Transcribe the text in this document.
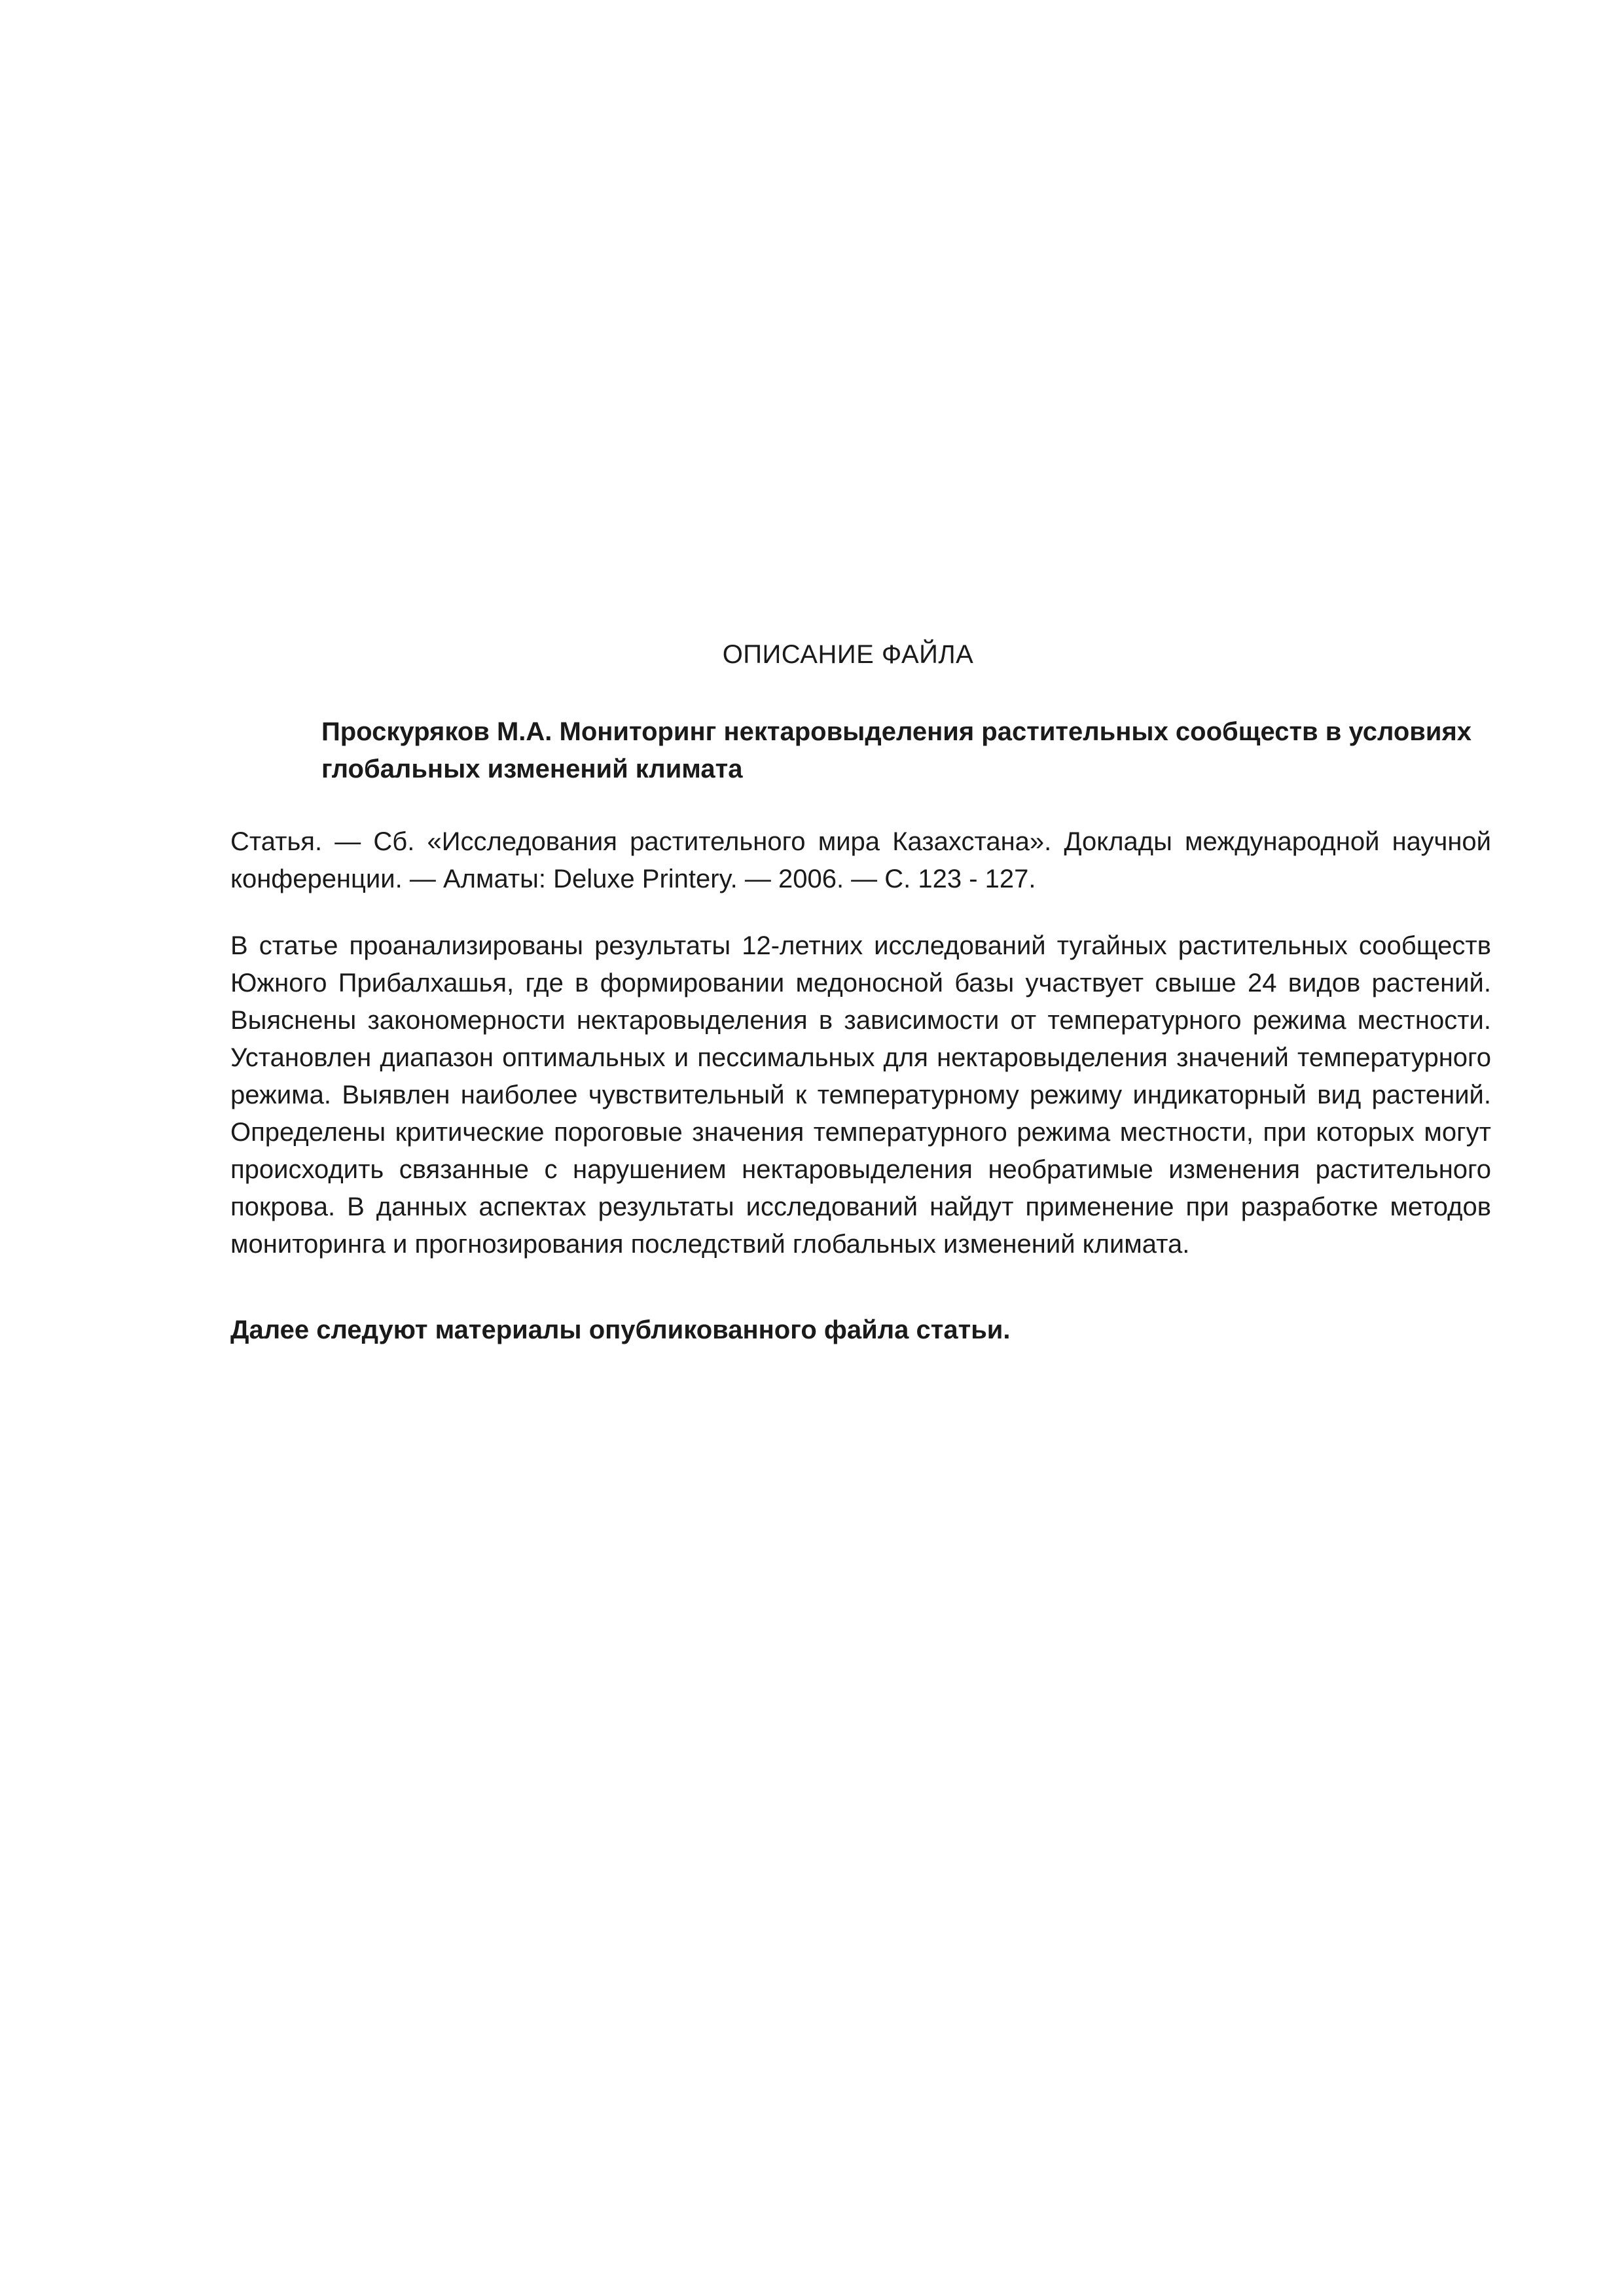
ОПИСАНИЕ ФАЙЛА
Проскуряков М.А. Мониторинг нектаровыделения растительных сообществ в условиях глобальных изменений климата
Статья. — Сб. «Исследования растительного мира Казахстана». Доклады международной научной конференции. — Алматы: Deluxe Printery. — 2006. — С. 123 - 127.
В статье проанализированы результаты 12-летних исследований тугайных растительных сообществ Южного Прибалхашья, где в формировании медоносной базы участвует свыше 24 видов растений. Выяснены закономерности нектаровыделения в зависимости от температурного режима местности. Установлен диапазон оптимальных и пессимальных для нектаровыделения значений температурного режима. Выявлен наиболее чувствительный к температурному режиму индикаторный вид растений. Определены критические пороговые значения температурного режима местности, при которых могут происходить связанные с нарушением нектаровыделения необратимые изменения растительного покрова. В данных аспектах результаты исследований найдут применение при разработке методов мониторинга и прогнозирования последствий глобальных изменений климата.
Далее следуют материалы опубликованного файла статьи.
